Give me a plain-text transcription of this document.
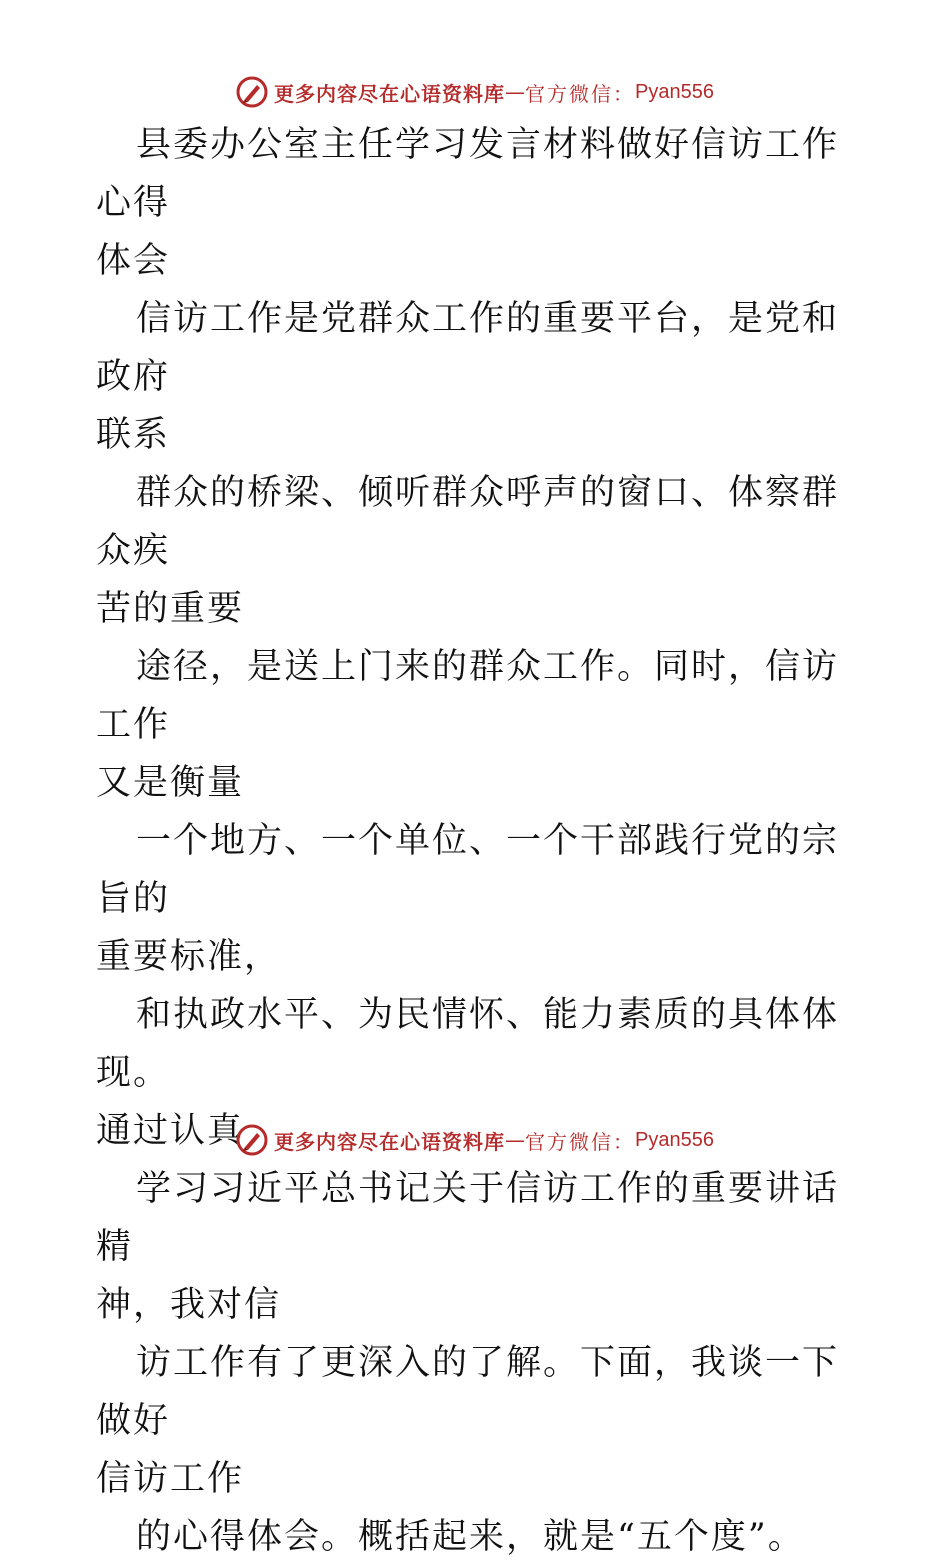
更多内容尽在心语资料库 — 官方微信： Pyan556

县委办公室主任学习发言材料做好信访工作心得

体会

信访工作是党群众工作的重要平台，是党和政府

联系

群众的桥梁、倾听群众呼声的窗口、体察群众疾

苦的重要

途径，是送上门来的群众工作。同时，信访工作

又是衡量

一个地方、一个单位、一个干部践行党的宗旨的

重要标准，

和执政水平、为民情怀、能力素质的具体体现。

通过认真

学习习近平总书记关于信访工作的重要讲话精

神，我对信

访工作有了更深入的了解。下面，我谈一下做好

信访工作

的心得体会。概括起来，就是“五个度”。

更多内容尽在心语资料库 — 官方微信： Pyan556
